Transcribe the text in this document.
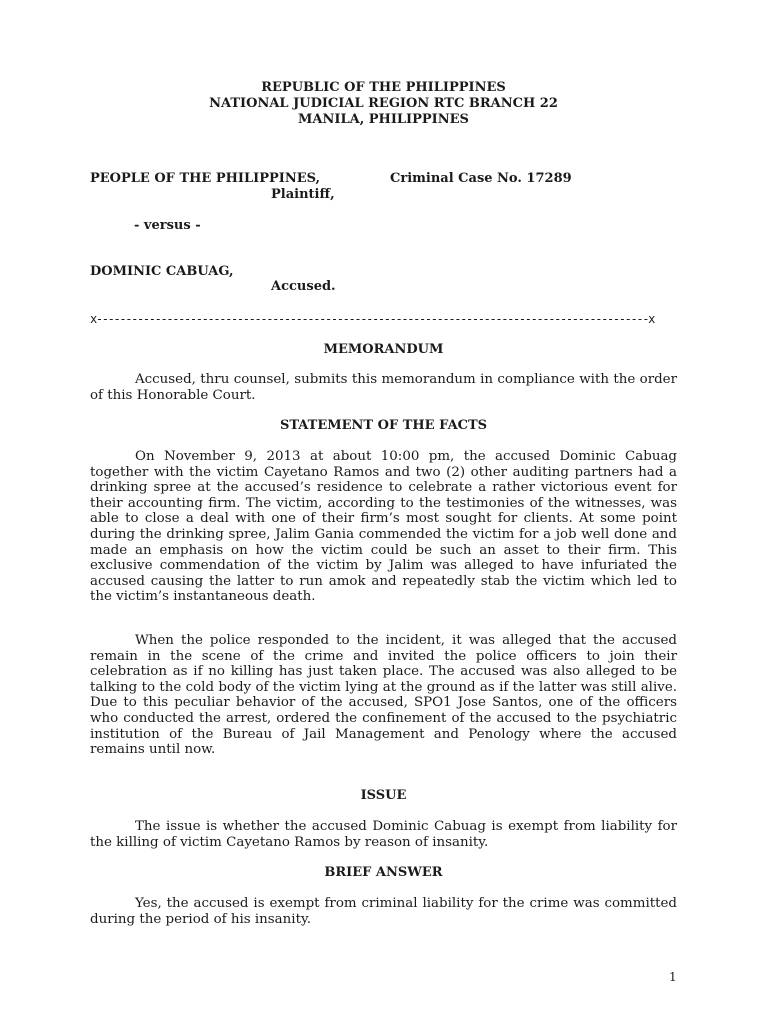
REPUBLIC OF THE PHILIPPINES
NATIONAL JUDICIAL REGION RTC BRANCH 22
MANILA, PHILIPPINES
PEOPLE OF THE PHILIPPINES,	Criminal Case No. 17289
Plaintiff,
- versus -
DOMINIC CABUAG,
Accused.
x----------------------------------------------------------------------------------------------x
MEMORANDUM

Accused, thru counsel, submits this memorandum in compliance with the order of this Honorable Court.

STATEMENT OF THE FACTS

On November 9, 2013 at about 10:00 pm, the accused Dominic Cabuag together with the victim Cayetano Ramos and two (2) other auditing partners had a drinking spree at the accused’s residence to celebrate a rather victorious event for their accounting firm. The victim, according to the testimonies of the witnesses, was able to close a deal with one of their firm’s most sought for clients. At some point during the drinking spree, Jalim Gania commended the victim for a job well done and made an emphasis on how the victim could be such an asset to their firm. This exclusive commendation of the victim by Jalim was alleged to have infuriated the accused causing the latter to run amok and repeatedly stab the victim which led to the victim’s instantaneous death.

When the police responded to the incident, it was alleged that the accused remain in the scene of the crime and invited the police officers to join their celebration as if no killing has just taken place. The accused was also alleged to be talking to the cold body of the victim lying at the ground as if the latter was still alive. Due to this peculiar behavior of the accused, SPO1 Jose Santos, one of the officers who conducted the arrest, ordered the confinement of the accused to the psychiatric institution of the Bureau of Jail Management and Penology where the accused remains until now.

ISSUE

The issue is whether the accused Dominic Cabuag is exempt from liability for the killing of victim Cayetano Ramos by reason of insanity.

BRIEF ANSWER

Yes, the accused is exempt from criminal liability for the crime was committed during the period of his insanity.

1
